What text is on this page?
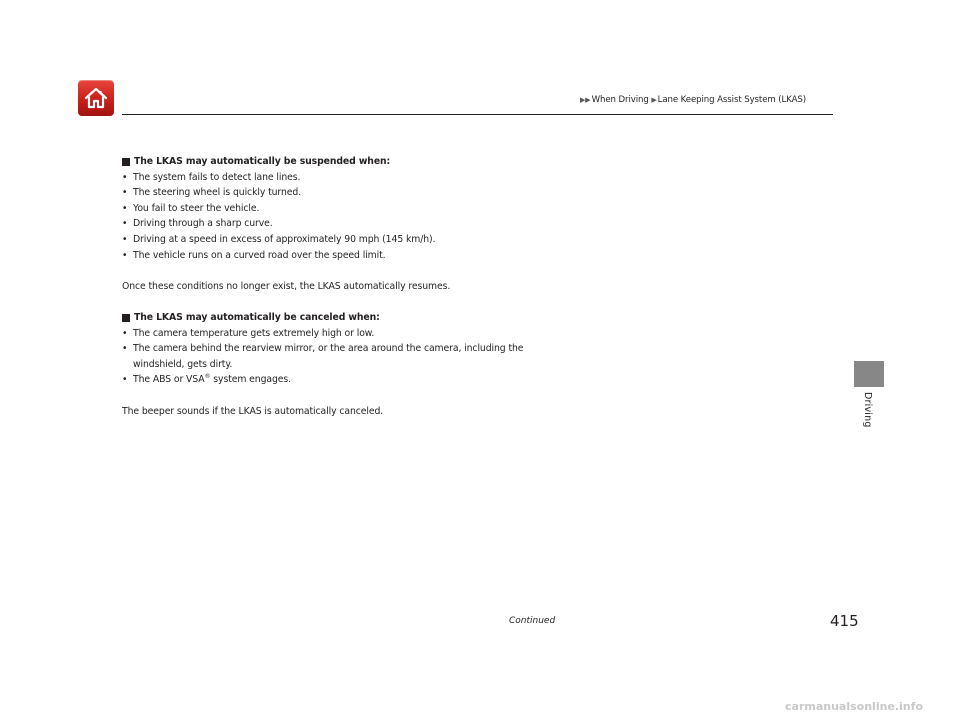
▶▶When Driving ▶Lane Keeping Assist System (LKAS)
The LKAS may automatically be suspended when:
• The system fails to detect lane lines.
• The steering wheel is quickly turned.
• You fail to steer the vehicle.
• Driving through a sharp curve.
• Driving at a speed in excess of approximately 90 mph (145 km/h).
• The vehicle runs on a curved road over the speed limit.
Once these conditions no longer exist, the LKAS automatically resumes.
The LKAS may automatically be canceled when:
• The camera temperature gets extremely high or low.
• The camera behind the rearview mirror, or the area around the camera, including the windshield, gets dirty.
• The ABS or VSA® system engages.
The beeper sounds if the LKAS is automatically canceled.	Driving
Continued	415
carmanualsonline.info
